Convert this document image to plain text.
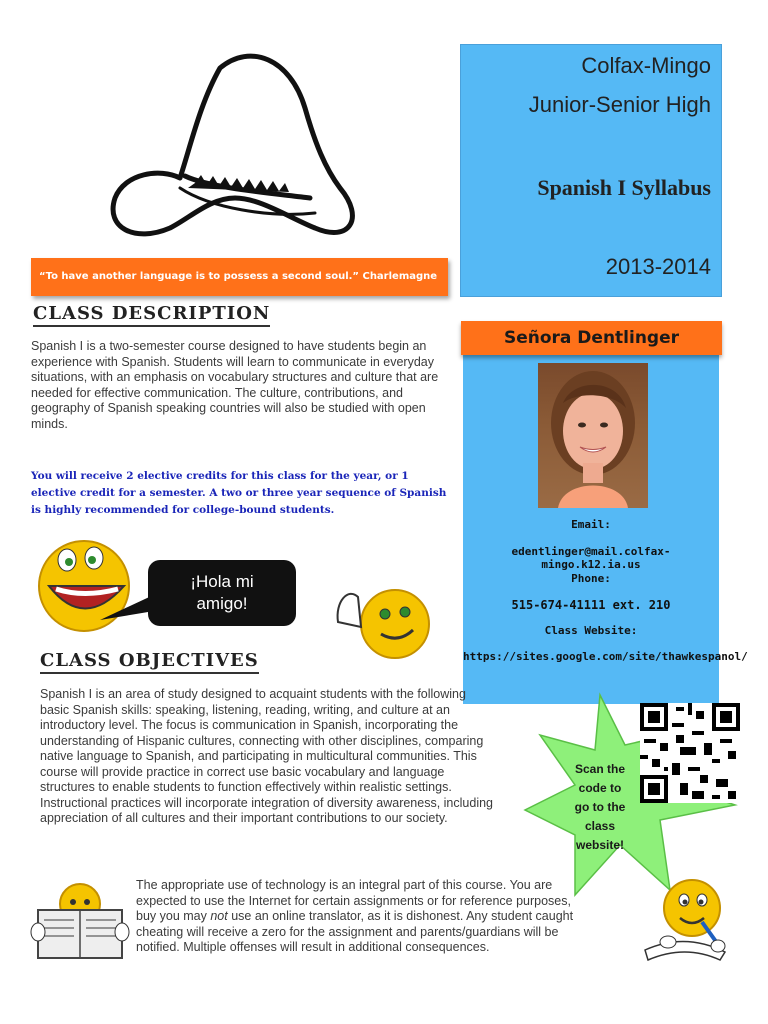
“To have another language is to possess a second soul.” Charlemagne
Colfax-Mingo
Junior-Senior High
Spanish I Syllabus
2013-2014
Señora Dentlinger
Email:
edentlinger@mail.colfax-mingo.k12.ia.us
Phone:
515-674-41111 ext. 210
Class Website:
https://sites.google.com/site/thawkespanol/
CLASS DESCRIPTION
Spanish I is a two-semester course designed to have students begin an experience with Spanish. Students will learn to communicate in everyday situations, with an emphasis on vocabulary structures and culture that are needed for effective communication. The culture, contributions, and geography of Spanish speaking countries will also be studied with open minds.
You will receive 2 elective credits for this class for the year, or 1 elective credit for a semester. A two or three year sequence of Spanish is highly recommended for college-bound students.
¡Hola mi
amigo!
CLASS OBJECTIVES
Spanish I is an area of study designed to acquaint students with the following basic Spanish skills: speaking, listening, reading, writing, and culture at an introductory level. The focus is communication in Spanish, incorporating the understanding of Hispanic cultures, connecting with other disciplines, comparing native language to Spanish, and participating in multicultural communities. This course will provide practice in correct use basic vocabulary and language structures to enable students to function effectively within realistic settings. Instructional practices will incorporate integration of diversity awareness, including appreciation of all cultures and their important contributions to our society.
Scan the
code to
go to the
class website!
The appropriate use of technology is an integral part of this course. You are expected to use the Internet for certain assignments or for reference purposes, buy you may not use an online translator, as it is dishonest. Any student caught cheating will receive a zero for the assignment and parents/guardians will be notified. Multiple offenses will result in additional consequences.
